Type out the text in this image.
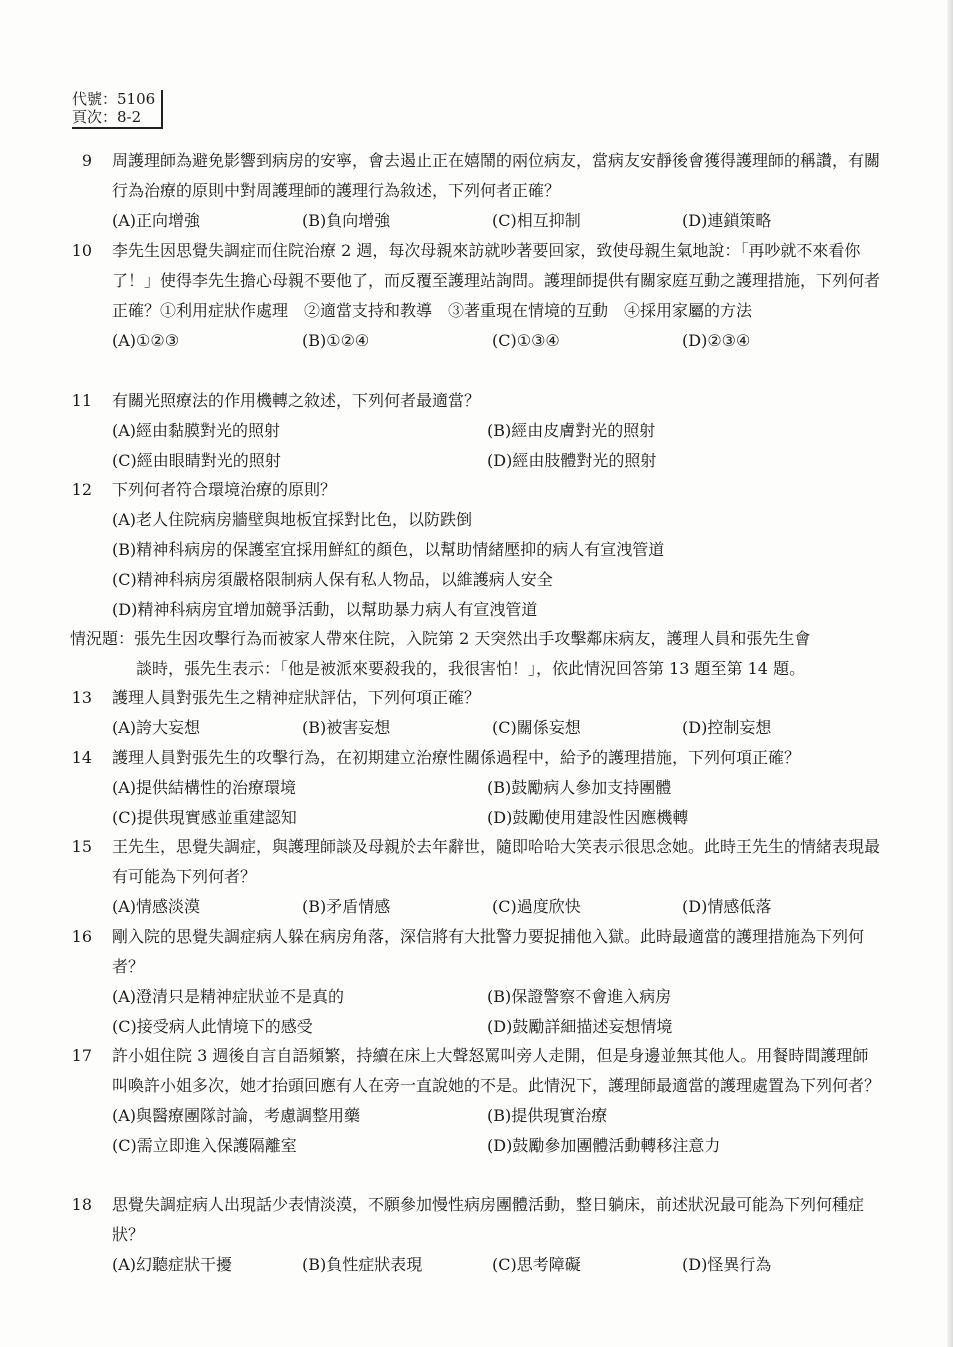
代號：5106
頁次：8-2
9 周護理師為避免影響到病房的安寧，會去遏止正在嬉鬧的兩位病友，當病友安靜後會獲得護理師的稱讚，有關行為治療的原則中對周護理師的護理行為敘述，下列何者正確？
(A)正向增強	(B)負向增強	(C)相互抑制	(D)連鎖策略
10 李先生因思覺失調症而住院治療 2 週，每次母親來訪就吵著要回家，致使母親生氣地說：「再吵就不來看你了！」使得李先生擔心母親不要他了，而反覆至護理站詢問。護理師提供有關家庭互動之護理措施，下列何者正確？①利用症狀作處理　②適當支持和教導　③著重現在情境的互動　④採用家屬的方法
(A)①②③	(B)①②④	(C)①③④	(D)②③④
11 有關光照療法的作用機轉之敘述，下列何者最適當？
(A)經由黏膜對光的照射	(B)經由皮膚對光的照射
(C)經由眼睛對光的照射	(D)經由肢體對光的照射
12 下列何者符合環境治療的原則？
(A)老人住院病房牆壁與地板宜採對比色，以防跌倒
(B)精神科病房的保護室宜採用鮮紅的顏色，以幫助情緒壓抑的病人有宣洩管道
(C)精神科病房須嚴格限制病人保有私人物品，以維護病人安全
(D)精神科病房宜增加競爭活動，以幫助暴力病人有宣洩管道
情況題：張先生因攻擊行為而被家人帶來住院，入院第 2 天突然出手攻擊鄰床病友，護理人員和張先生會
談時，張先生表示：「他是被派來要殺我的，我很害怕！」，依此情況回答第 13 題至第 14 題。
13 護理人員對張先生之精神症狀評估，下列何項正確？
(A)誇大妄想	(B)被害妄想	(C)關係妄想	(D)控制妄想
14 護理人員對張先生的攻擊行為，在初期建立治療性關係過程中，給予的護理措施，下列何項正確？
(A)提供結構性的治療環境	(B)鼓勵病人參加支持團體
(C)提供現實感並重建認知	(D)鼓勵使用建設性因應機轉
15 王先生，思覺失調症，與護理師談及母親於去年辭世，隨即哈哈大笑表示很思念她。此時王先生的情緒表現最有可能為下列何者？
(A)情感淡漠	(B)矛盾情感	(C)過度欣快	(D)情感低落
16 剛入院的思覺失調症病人躲在病房角落，深信將有大批警力要捉捕他入獄。此時最適當的護理措施為下列何者？
(A)澄清只是精神症狀並不是真的	(B)保證警察不會進入病房
(C)接受病人此情境下的感受	(D)鼓勵詳細描述妄想情境
17 許小姐住院 3 週後自言自語頻繁，持續在床上大聲怒罵叫旁人走開，但是身邊並無其他人。用餐時間護理師叫喚許小姐多次，她才抬頭回應有人在旁一直說她的不是。此情況下，護理師最適當的護理處置為下列何者？
(A)與醫療團隊討論，考慮調整用藥	(B)提供現實治療
(C)需立即進入保護隔離室	(D)鼓勵參加團體活動轉移注意力
18 思覺失調症病人出現話少表情淡漠，不願參加慢性病房團體活動，整日躺床，前述狀況最可能為下列何種症狀？
(A)幻聽症狀干擾	(B)負性症狀表現	(C)思考障礙	(D)怪異行為
